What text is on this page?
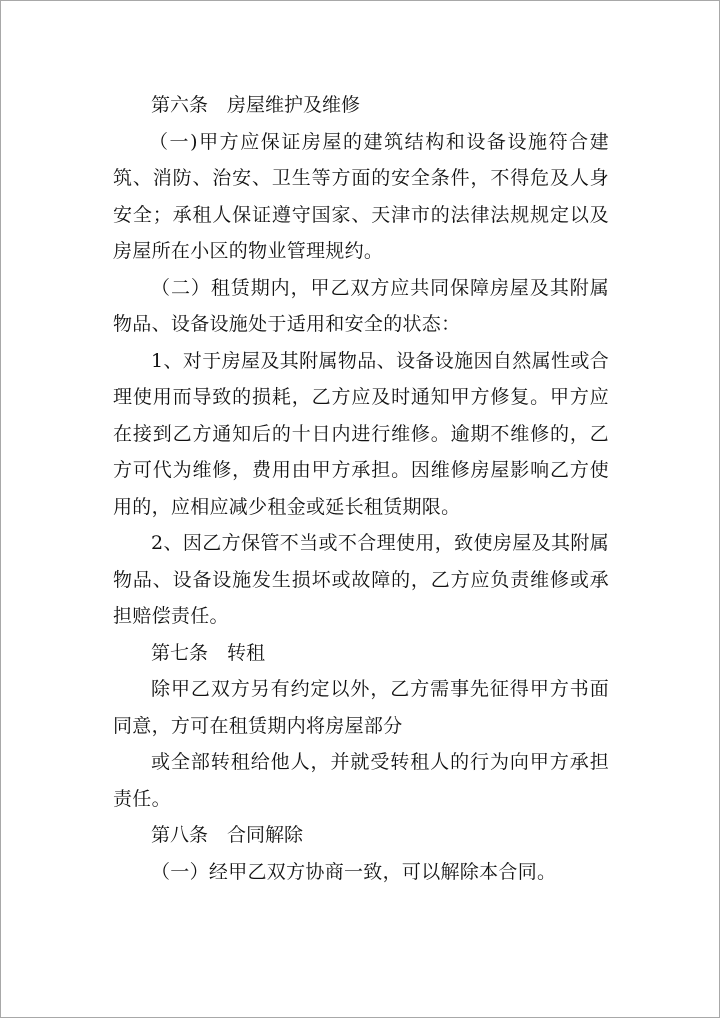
第六条　房屋维护及维修

（一)甲方应保证房屋的建筑结构和设备设施符合建筑、消防、治安、卫生等方面的安全条件，不得危及人身安全；承租人保证遵守国家、天津市的法律法规规定以及房屋所在小区的物业管理规约。

（二）租赁期内，甲乙双方应共同保障房屋及其附属物品、设备设施处于适用和安全的状态：

1、对于房屋及其附属物品、设备设施因自然属性或合理使用而导致的损耗，乙方应及时通知甲方修复。甲方应在接到乙方通知后的十日内进行维修。逾期不维修的，乙方可代为维修，费用由甲方承担。因维修房屋影响乙方使用的，应相应减少租金或延长租赁期限。

2、因乙方保管不当或不合理使用，致使房屋及其附属物品、设备设施发生损坏或故障的，乙方应负责维修或承担赔偿责任。

第七条　转租

除甲乙双方另有约定以外，乙方需事先征得甲方书面同意，方可在租赁期内将房屋部分

或全部转租给他人，并就受转租人的行为向甲方承担责任。

第八条　合同解除

（一）经甲乙双方协商一致，可以解除本合同。
